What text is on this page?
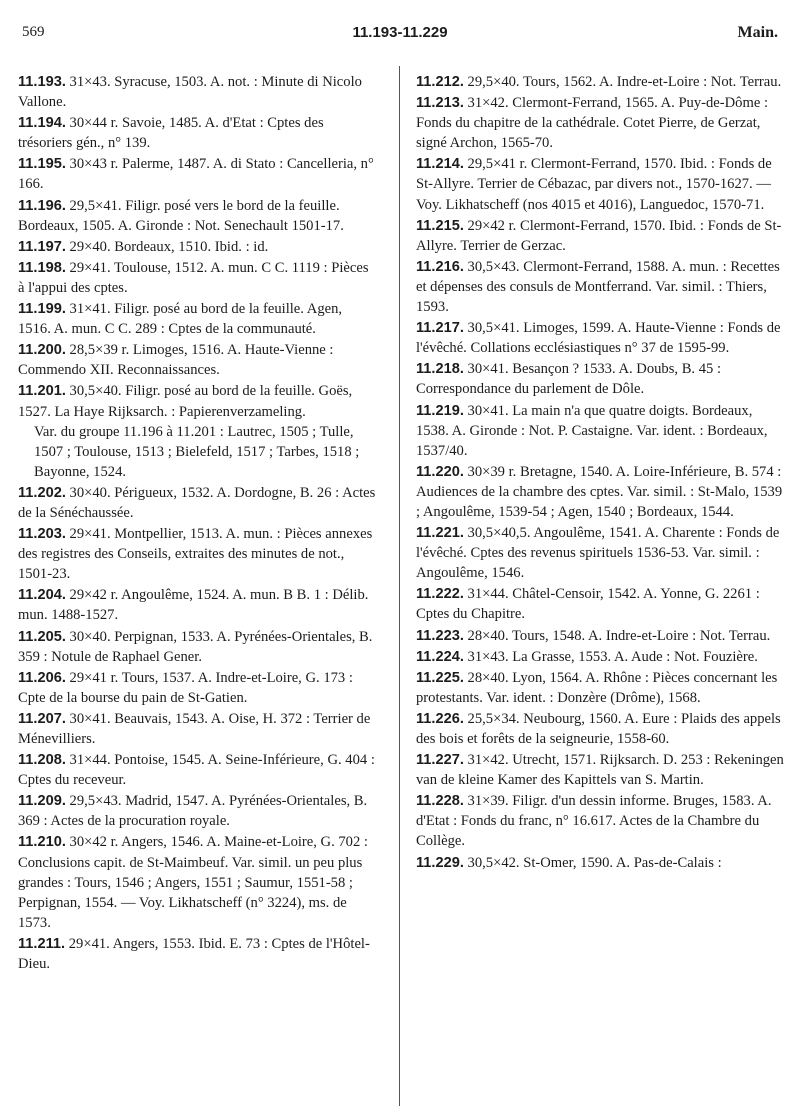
569	11.193-11.229	Main.
11.193. 31×43. Syracuse, 1503. A. not. : Minute di Nicolo Vallone.
11.194. 30×44 r. Savoie, 1485. A. d'Etat : Cptes des trésoriers gén., n° 139.
11.195. 30×43 r. Palerme, 1487. A. di Stato : Cancelleria, n° 166.
11.196. 29,5×41. Filigr. posé vers le bord de la feuille. Bordeaux, 1505. A. Gironde : Not. Senechault 1501-17.
11.197. 29×40. Bordeaux, 1510. Ibid. : id.
11.198. 29×41. Toulouse, 1512. A. mun. C C. 1119 : Pièces à l'appui des cptes.
11.199. 31×41. Filigr. posé au bord de la feuille. Agen, 1516. A. mun. C C. 289 : Cptes de la communauté.
11.200. 28,5×39 r. Limoges, 1516. A. Haute-Vienne : Commendo XII. Reconnaissances.
11.201. 30,5×40. Filigr. posé au bord de la feuille. Goës, 1527. La Haye Rijksarch. : Papierenverzameling.
Var. du groupe 11.196 à 11.201 : Lautrec, 1505 ; Tulle, 1507 ; Toulouse, 1513 ; Bielefeld, 1517 ; Tarbes, 1518 ; Bayonne, 1524.
11.202. 30×40. Périgueux, 1532. A. Dordogne, B. 26 : Actes de la Sénéchaussée.
11.203. 29×41. Montpellier, 1513. A. mun. : Pièces annexes des registres des Conseils, extraites des minutes de not., 1501-23.
11.204. 29×42 r. Angoulême, 1524. A. mun. B B. 1 : Délib. mun. 1488-1527.
11.205. 30×40. Perpignan, 1533. A. Pyrénées-Orientales, B. 359 : Notule de Raphael Gener.
11.206. 29×41 r. Tours, 1537. A. Indre-et-Loire, G. 173 : Cpte de la bourse du pain de St-Gatien.
11.207. 30×41. Beauvais, 1543. A. Oise, H. 372 : Terrier de Ménevilliers.
11.208. 31×44. Pontoise, 1545. A. Seine-Inférieure, G. 404 : Cptes du receveur.
11.209. 29,5×43. Madrid, 1547. A. Pyrénées-Orientales, B. 369 : Actes de la procuration royale.
11.210. 30×42 r. Angers, 1546. A. Maine-et-Loire, G. 702 : Conclusions capit. de St-Maimbeuf. Var. simil. un peu plus grandes : Tours, 1546 ; Angers, 1551 ; Saumur, 1551-58 ; Perpignan, 1554. — Voy. Likhatscheff (n° 3224), ms. de 1573.
11.211. 29×41. Angers, 1553. Ibid. E. 73 : Cptes de l'Hôtel-Dieu.
11.212. 29,5×40. Tours, 1562. A. Indre-et-Loire : Not. Terrau.
11.213. 31×42. Clermont-Ferrand, 1565. A. Puy-de-Dôme : Fonds du chapitre de la cathédrale. Cotet Pierre, de Gerzat, signé Archon, 1565-70.
11.214. 29,5×41 r. Clermont-Ferrand, 1570. Ibid. : Fonds de St-Allyre. Terrier de Cébazac, par divers not., 1570-1627. — Voy. Likhatscheff (nos 4015 et 4016), Languedoc, 1570-71.
11.215. 29×42 r. Clermont-Ferrand, 1570. Ibid. : Fonds de St-Allyre. Terrier de Gerzac.
11.216. 30,5×43. Clermont-Ferrand, 1588. A. mun. : Recettes et dépenses des consuls de Montferrand. Var. simil. : Thiers, 1593.
11.217. 30,5×41. Limoges, 1599. A. Haute-Vienne : Fonds de l'évêché. Collations ecclésiastiques n° 37 de 1595-99.
11.218. 30×41. Besançon ? 1533. A. Doubs, B. 45 : Correspondance du parlement de Dôle.
11.219. 30×41. La main n'a que quatre doigts. Bordeaux, 1538. A. Gironde : Not. P. Castaigne. Var. ident. : Bordeaux, 1537/40.
11.220. 30×39 r. Bretagne, 1540. A. Loire-Inférieure, B. 574 : Audiences de la chambre des cptes. Var. simil. : St-Malo, 1539 ; Angoulême, 1539-54 ; Agen, 1540 ; Bordeaux, 1544.
11.221. 30,5×40,5. Angoulême, 1541. A. Charente : Fonds de l'évêché. Cptes des revenus spirituels 1536-53. Var. simil. : Angoulême, 1546.
11.222. 31×44. Châtel-Censoir, 1542. A. Yonne, G. 2261 : Cptes du Chapitre.
11.223. 28×40. Tours, 1548. A. Indre-et-Loire : Not. Terrau.
11.224. 31×43. La Grasse, 1553. A. Aude : Not. Fouzière.
11.225. 28×40. Lyon, 1564. A. Rhône : Pièces concernant les protestants. Var. ident. : Donzère (Drôme), 1568.
11.226. 25,5×34. Neubourg, 1560. A. Eure : Plaids des appels des bois et forêts de la seigneurie, 1558-60.
11.227. 31×42. Utrecht, 1571. Rijksarch. D. 253 : Rekeningen van de kleine Kamer des Kapittels van S. Martin.
11.228. 31×39. Filigr. d'un dessin informe. Bruges, 1583. A. d'Etat : Fonds du franc, n° 16.617. Actes de la Chambre du Collège.
11.229. 30,5×42. St-Omer, 1590. A. Pas-de-Calais :
